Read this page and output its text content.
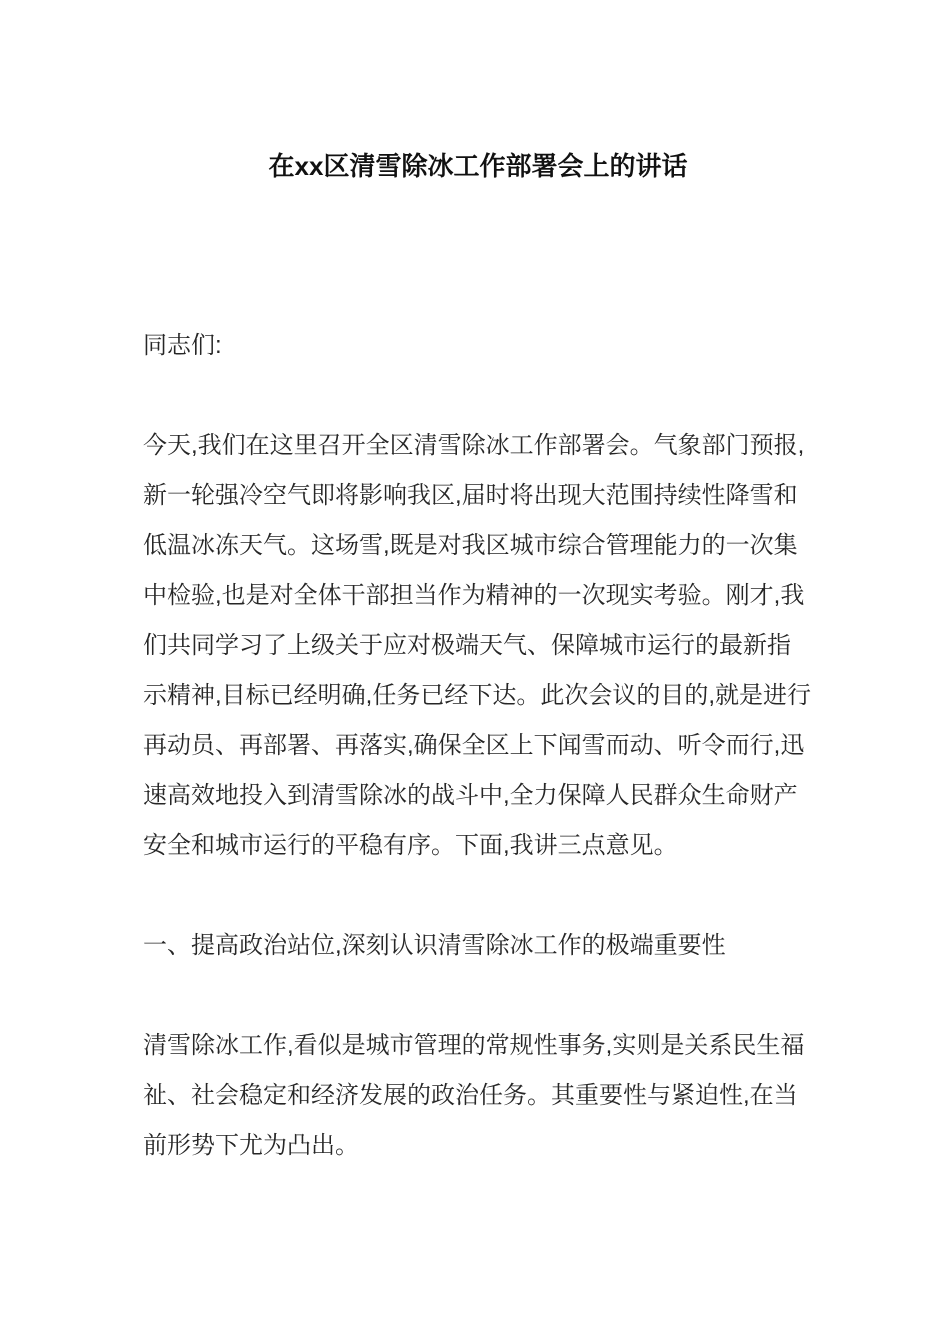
在xx区清雪除冰工作部署会上的讲话

同志们:

今天,我们在这里召开全区清雪除冰工作部署会。气象部门预报,新一轮强冷空气即将影响我区,届时将出现大范围持续性降雪和低温冰冻天气。这场雪,既是对我区城市综合管理能力的一次集中检验,也是对全体干部担当作为精神的一次现实考验。刚才,我们共同学习了上级关于应对极端天气、保障城市运行的最新指示精神,目标已经明确,任务已经下达。此次会议的目的,就是进行再动员、再部署、再落实,确保全区上下闻雪而动、听令而行,迅速高效地投入到清雪除冰的战斗中,全力保障人民群众生命财产安全和城市运行的平稳有序。下面,我讲三点意见。

一、提高政治站位,深刻认识清雪除冰工作的极端重要性

清雪除冰工作,看似是城市管理的常规性事务,实则是关系民生福祉、社会稳定和经济发展的政治任务。其重要性与紧迫性,在当前形势下尤为凸出。
